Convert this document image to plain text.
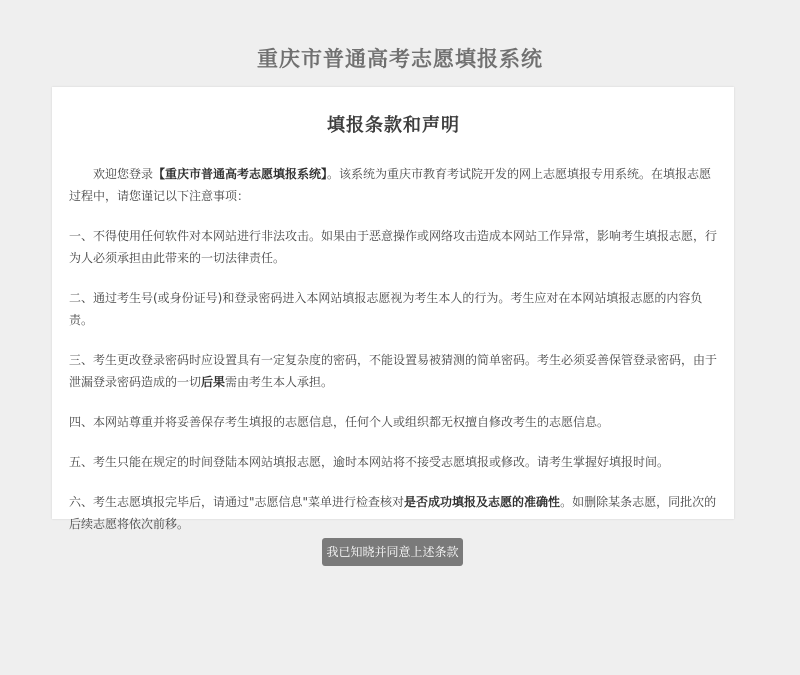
重庆市普通高考志愿填报系统
填报条款和声明

欢迎您登录【重庆市普通高考志愿填报系统】。该系统为重庆市教育考试院开发的网上志愿填报专用系统。在填报志愿过程中，请您谨记以下注意事项：

一、不得使用任何软件对本网站进行非法攻击。如果由于恶意操作或网络攻击造成本网站工作异常，影响考生填报志愿，行为人必须承担由此带来的一切法律责任。

二、通过考生号(或身份证号)和登录密码进入本网站填报志愿视为考生本人的行为。考生应对在本网站填报志愿的内容负责。

三、考生更改登录密码时应设置具有一定复杂度的密码，不能设置易被猜测的简单密码。考生必须妥善保管登录密码，由于泄漏登录密码造成的一切后果需由考生本人承担。

四、本网站尊重并将妥善保存考生填报的志愿信息，任何个人或组织都无权擅自修改考生的志愿信息。

五、考生只能在规定的时间登陆本网站填报志愿，逾时本网站将不接受志愿填报或修改。请考生掌握好填报时间。

六、考生志愿填报完毕后，请通过"志愿信息"菜单进行检查核对是否成功填报及志愿的准确性。如删除某条志愿，同批次的后续志愿将依次前移。

我已知晓并同意上述条款
